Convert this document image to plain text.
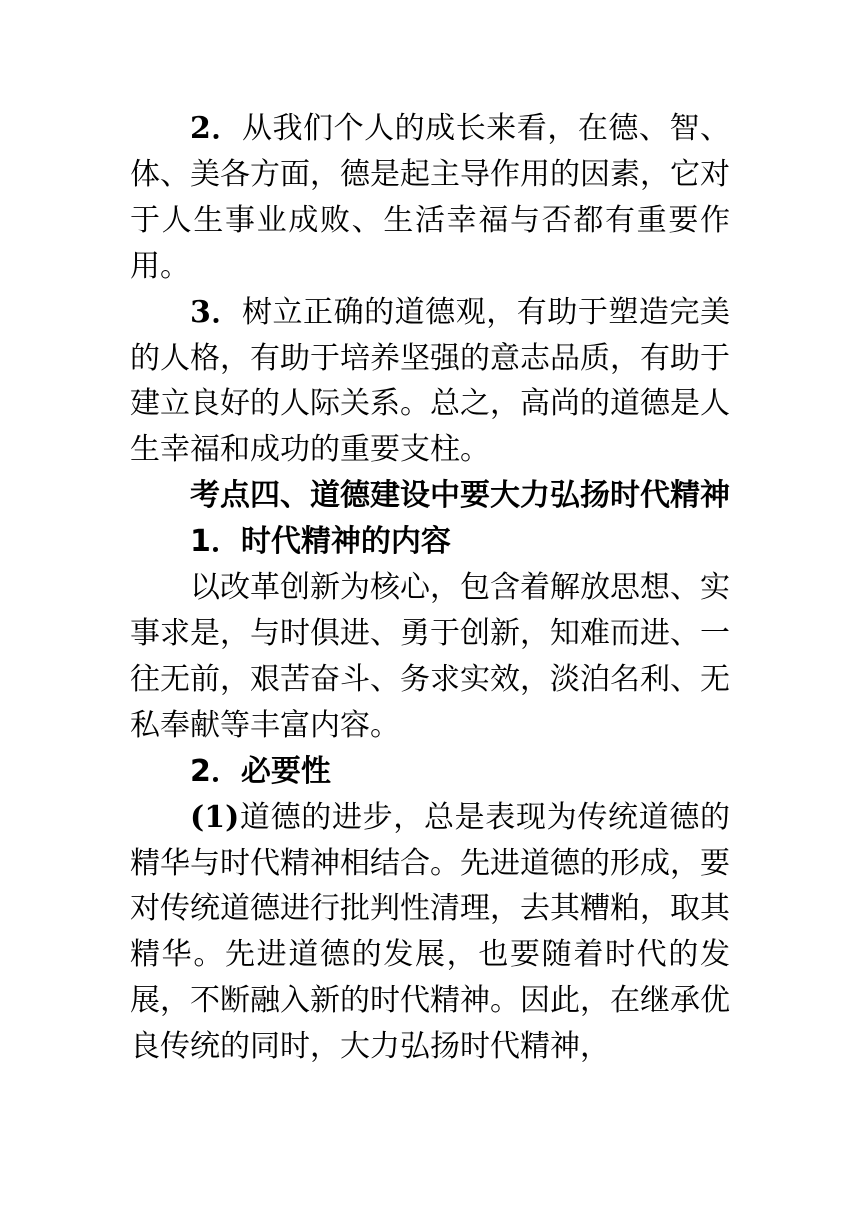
2．从我们个人的成长来看，在德、智、体、美各方面，德是起主导作用的因素，它对于人生事业成败、生活幸福与否都有重要作用。

3．树立正确的道德观，有助于塑造完美的人格，有助于培养坚强的意志品质，有助于建立良好的人际关系。总之，高尚的道德是人生幸福和成功的重要支柱。

考点四、道德建设中要大力弘扬时代精神

1．时代精神的内容

以改革创新为核心，包含着解放思想、实事求是，与时俱进、勇于创新，知难而进、一往无前，艰苦奋斗、务求实效，淡泊名利、无私奉献等丰富内容。

2．必要性

(1)道德的进步，总是表现为传统道德的精华与时代精神相结合。先进道德的形成，要对传统道德进行批判性清理，去其糟粕，取其精华。先进道德的发展，也要随着时代的发展，不断融入新的时代精神。因此，在继承优良传统的同时，大力弘扬时代精神，
